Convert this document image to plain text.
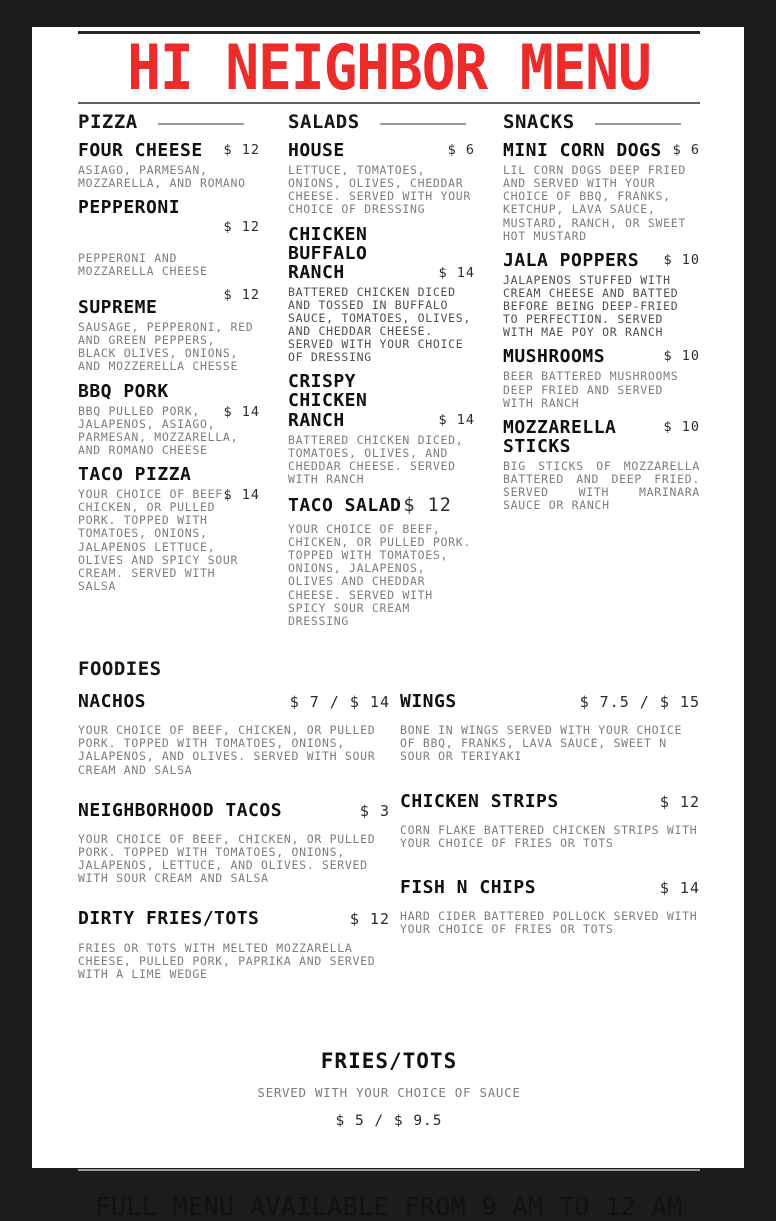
HI NEIGHBOR MENU
PIZZA
FOUR CHEESE $ 12

ASIAGO, PARMESAN, MOZZARELLA, AND ROMANO

PEPPERONI
$ 12

PEPPERONI AND MOZZARELLA CHEESE

$ 12
SUPREME

SAUSAGE, PEPPERONI, RED AND GREEN PEPPERS, BLACK OLIVES, ONIONS, AND MOZZERELLA CHESSE

BBQ PORK
$ 14

BBQ PULLED PORK, JALAPENOS, ASIAGO, PARMESAN, MOZZARELLA, AND ROMANO CHEESE

TACO PIZZA
$ 14

YOUR CHOICE OF BEEF, CHICKEN, OR PULLED PORK. TOPPED WITH TOMATOES, ONIONS, JALAPENOS LETTUCE, OLIVES AND SPICY SOUR CREAM. SERVED WITH SALSA

SALADS
HOUSE	$ 6

LETTUCE, TOMATOES, ONIONS, OLIVES, CHEDDAR CHEESE. SERVED WITH YOUR CHOICE OF DRESSING

CHICKEN BUFFALO RANCH	$ 14

BATTERED CHICKEN DICED AND TOSSED IN BUFFALO SAUCE, TOMATOES, OLIVES, AND CHEDDAR CHEESE. SERVED WITH YOUR CHOICE OF DRESSING

CRISPY CHICKEN RANCH	$ 14

BATTERED CHICKEN DICED, TOMATOES, OLIVES, AND CHEDDAR CHEESE. SERVED WITH RANCH

TACO SALAD $ 12

YOUR CHOICE OF BEEF, CHICKEN, OR PULLED PORK. TOPPED WITH TOMATOES, ONIONS, JALAPENOS, OLIVES AND CHEDDAR CHEESE. SERVED WITH SPICY SOUR CREAM DRESSING

SNACKS
MINI CORN DOGS $ 6

LIL CORN DOGS DEEP FRIED AND SERVED WITH YOUR CHOICE OF BBQ, FRANKS, KETCHUP, LAVA SAUCE, MUSTARD, RANCH, OR SWEET HOT MUSTARD

JALA POPPERS $ 10

JALAPENOS STUFFED WITH CREAM CHEESE AND BATTED BEFORE BEING DEEP-FRIED TO PERFECTION. SERVED WITH MAE POY OR RANCH

MUSHROOMS	$ 10

BEER BATTERED MUSHROOMS DEEP FRIED AND SERVED WITH RANCH

MOZZARELLA STICKS
$ 10

BIG STICKS OF MOZZARELLA BATTERED AND DEEP FRIED. SERVED WITH MARINARA SAUCE OR RANCH

FOODIES
NACHOS	$ 7 / $ 14

YOUR CHOICE OF BEEF, CHICKEN, OR PULLED PORK. TOPPED WITH TOMATOES, ONIONS, JALAPENOS, AND OLIVES. SERVED WITH SOUR CREAM AND SALSA

NEIGHBORHOOD TACOS	$ 3

YOUR CHOICE OF BEEF, CHICKEN, OR PULLED PORK. TOPPED WITH TOMATOES, ONIONS, JALAPENOS, LETTUCE, AND OLIVES. SERVED WITH SOUR CREAM AND SALSA

DIRTY FRIES/TOTS	$ 12

FRIES OR TOTS WITH MELTED MOZZARELLA CHEESE, PULLED PORK, PAPRIKA AND SERVED WITH A LIME WEDGE

WINGS	$ 7.5 / $ 15

BONE IN WINGS SERVED WITH YOUR CHOICE OF BBQ, FRANKS, LAVA SAUCE, SWEET N SOUR OR TERIYAKI

CHICKEN STRIPS	$ 12

CORN FLAKE BATTERED CHICKEN STRIPS WITH YOUR CHOICE OF FRIES OR TOTS

FISH N CHIPS	$ 14

HARD CIDER BATTERED POLLOCK SERVED WITH YOUR CHOICE OF FRIES OR TOTS

FRIES/TOTS

SERVED WITH YOUR CHOICE OF SAUCE

$ 5 / $ 9.5

FULL MENU AVAILABLE FROM 9 AM TO 12 AM
